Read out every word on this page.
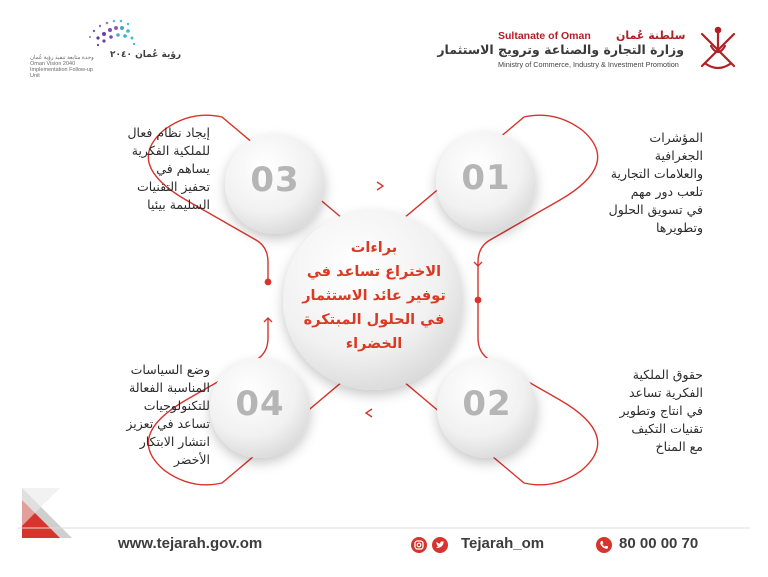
سلطنة عُمان
Sultanate of Oman
وزارة التجارة والصناعة وترويج الاستثمار
Ministry of Commerce, Industry & Investment Promotion
رؤية عُمان ٢٠٤٠
وحدة متابعة تنفيذ رؤية عُمان Oman Vision 2040 Implementation Follow-up Unit
03	01
04	02
براءات
الاختراع تساعد في
توفير عائد الاستثمار
في الحلول المبتكرة
الخضراء
المؤشرات
الجغرافية
والعلامات التجارية
تلعب دور مهم
في تسويق الحلول
وتطويرها
حقوق الملكية
الفكرية تساعد
في انتاج وتطوير
تقنيات التكيف
مع المناخ
إيجاد نظام فعال
للملكية الفكرية
يساهم في
تحفيز التقنيات
السليمة بيئيا
وضع السياسات
المناسبة الفعالة
للتكنولوجيات
تساعد في تعزيز
انتشار الابتكار
الأخضر
www.tejarah.gov.om	Tejarah_om	80 00 00 70
